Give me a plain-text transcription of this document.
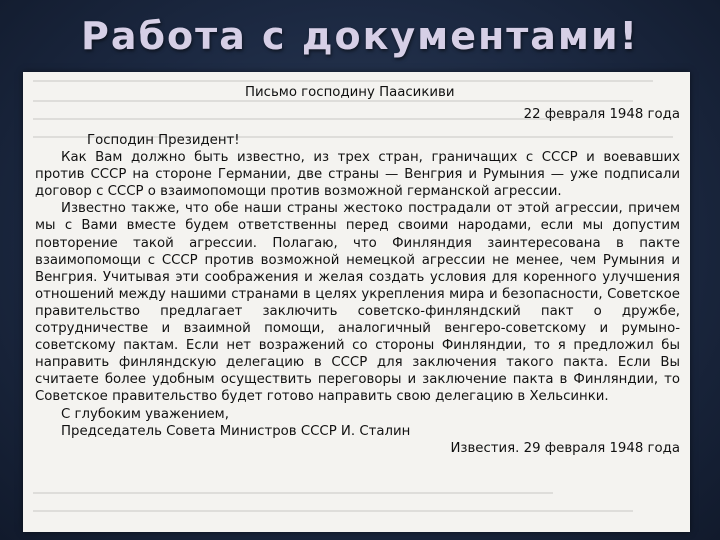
Работа с документами!
Письмо господину Паасикиви
22 февраля 1948 года

Господин Президент!

Как Вам должно быть известно, из трех стран, граничащих с СССР и воевавших против СССР на стороне Германии, две страны — Венгрия и Румыния — уже подписали договор с СССР о взаимопомощи против возможной германской агрессии.

Известно также, что обе наши страны жестоко пострадали от этой агрессии, причем мы с Вами вместе будем ответственны перед своими народами, если мы допустим повторение такой агрессии. Полагаю, что Финляндия заинтересована в пакте взаимопомощи с СССР против возможной немецкой агрессии не менее, чем Румыния и Венгрия. Учитывая эти соображения и желая создать условия для коренного улучшения отношений между нашими странами в целях укрепления мира и безопасности, Советское правительство предлагает заключить советско-финляндский пакт о дружбе, сотрудничестве и взаимной помощи, аналогичный венгеро-советскому и румыно-советскому пактам. Если нет возражений со стороны Финляндии, то я предложил бы направить финляндскую делегацию в СССР для заключения такого пакта. Если Вы считаете более удобным осуществить переговоры и заключение пакта в Финляндии, то Советское правительство будет готово направить свою делегацию в Хельсинки.

С глубоким уважением,

Председатель Совета Министров СССР И. Сталин

Известия. 29 февраля 1948 года
